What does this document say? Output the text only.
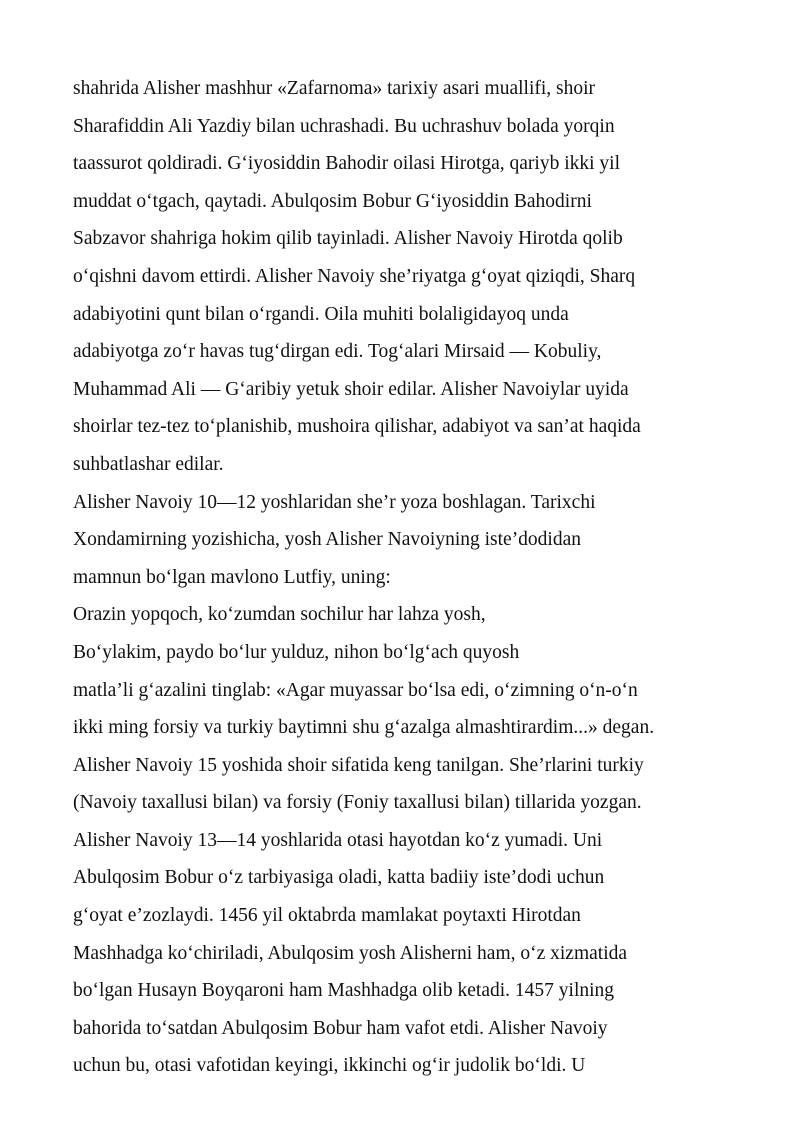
shahrida Alisher mashhur «Zafarnoma» tarixiy asari muallifi, shoir
Sharafiddin Ali Yazdiy bilan uchrashadi. Bu uchrashuv bolada yorqin
taassurot qoldiradi. G‘iyosiddin Bahodir oilasi Hirotga, qariyb ikki yil
muddat o‘tgach, qaytadi. Abulqosim Bobur G‘iyosiddin Bahodirni
Sabzavor shahriga hokim qilib tayinladi. Alisher Navoiy Hirotda qolib
o‘qishni davom ettirdi. Alisher Navoiy she’riyatga g‘oyat qiziqdi, Sharq
adabiyotini qunt bilan o‘rgandi. Oila muhiti bolaligidayoq unda
adabiyotga zo‘r havas tug‘dirgan edi. Tog‘alari Mirsaid — Kobuliy,
Muhammad Ali — G‘aribiy yetuk shoir edilar. Alisher Navoiylar uyida
shoirlar tez-tez to‘planishib, mushoira qilishar, adabiyot va san’at haqida
suhbatlashar edilar.
Alisher Navoiy 10—12 yoshlaridan she’r yoza boshlagan. Tarixchi
Xondamirning yozishicha, yosh Alisher Navoiyning iste’dodidan
mamnun bo‘lgan mavlono Lutfiy, uning:
Orazin yopqoch, ko‘zumdan sochilur har lahza yosh,
Bo‘ylakim, paydo bo‘lur yulduz, nihon bo‘lg‘ach quyosh
matla’li g‘azalini tinglab: «Agar muyassar bo‘lsa edi, o‘zimning o‘n-o‘n
ikki ming forsiy va turkiy baytimni shu g‘azalga almashtirardim...» degan.
Alisher Navoiy 15 yoshida shoir sifatida keng tanilgan. She’rlarini turkiy
(Navoiy taxallusi bilan) va forsiy (Foniy taxallusi bilan) tillarida yozgan.
Alisher Navoiy 13—14 yoshlarida otasi hayotdan ko‘z yumadi. Uni
Abulqosim Bobur o‘z tarbiyasiga oladi, katta badiiy iste’dodi uchun
g‘oyat e’zozlaydi. 1456 yil oktabrda mamlakat poytaxti Hirotdan
Mashhadga ko‘chiriladi, Abulqosim yosh Alisherni ham, o‘z xizmatida
bo‘lgan Husayn Boyqaroni ham Mashhadga olib ketadi. 1457 yilning
bahorida to‘satdan Abulqosim Bobur ham vafot etdi. Alisher Navoiy
uchun bu, otasi vafotidan keyingi, ikkinchi og‘ir judolik bo‘ldi. U
